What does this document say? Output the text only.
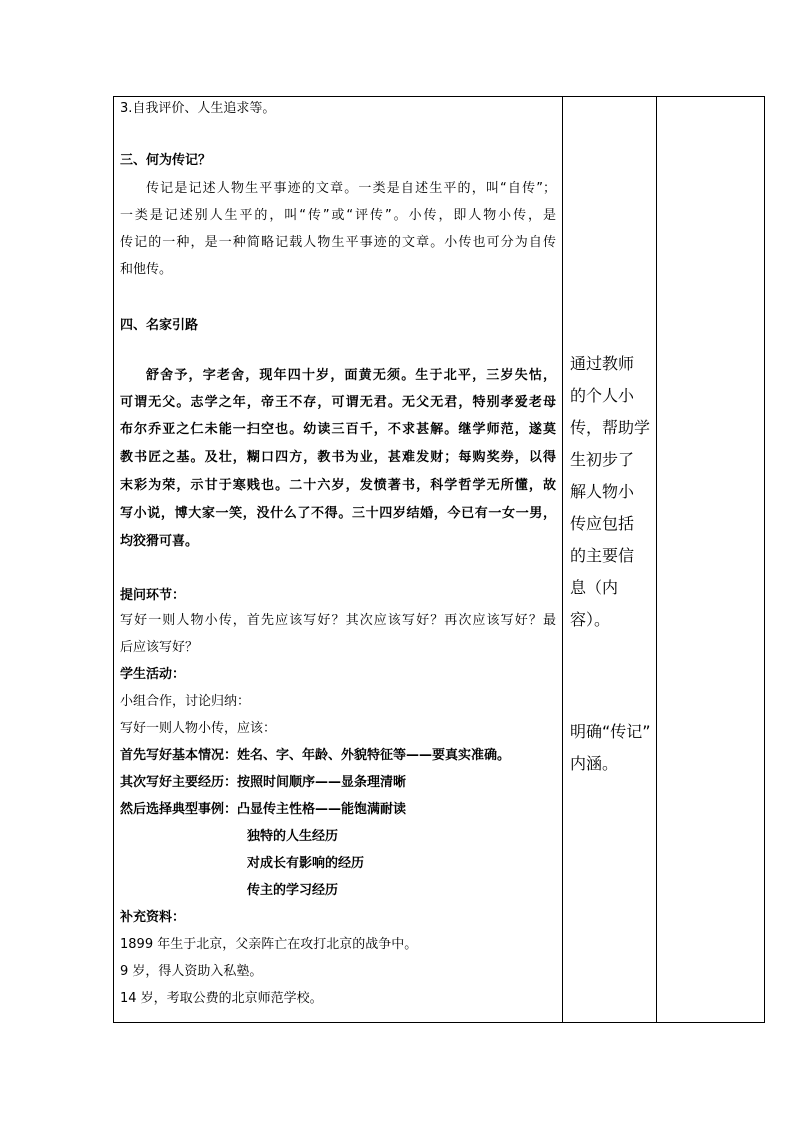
3.自我评价、人生追求等。
三、何为传记？
传记是记述人物生平事迹的文章。一类是自述生平的，叫“自传”；
一类是记述别人生平的，叫“传”或“评传”。小传，即人物小传，是
传记的一种，是一种简略记载人物生平事迹的文章。小传也可分为自传
和他传。
四、名家引路
舒舍予，字老舍，现年四十岁，面黄无须。生于北平，三岁失怙，
可谓无父。志学之年，帝王不存，可谓无君。无父无君，特别孝爱老母
布尔乔亚之仁未能一扫空也。幼读三百千，不求甚解。继学师范，遂莫
教书匠之基。及壮，糊口四方，教书为业，甚难发财；每购奖券，以得
末彩为荣，示甘于寒贱也。二十六岁，发愤著书，科学哲学无所懂，故
写小说，博大家一笑，没什么了不得。三十四岁结婚，今已有一女一男，
均狡猾可喜。
提问环节：
写好一则人物小传，首先应该写好？其次应该写好？再次应该写好？最
后应该写好？
学生活动：
小组合作，讨论归纳：
写好一则人物小传，应该：
首先写好基本情况：姓名、字、年龄、外貌特征等——要真实准确。
其次写好主要经历：按照时间顺序——显条理清晰
然后选择典型事例：凸显传主性格——能饱满耐读
独特的人生经历
对成长有影响的经历
传主的学习经历
补充资料：
1899 年生于北京，父亲阵亡在攻打北京的战争中。
9 岁，得人资助入私塾。
14 岁，考取公费的北京师范学校。
通过教师
的个人小
传，帮助学
生初步了
解人物小
传应包括
的主要信
息（内
容）。
明确“传记”
内涵。
